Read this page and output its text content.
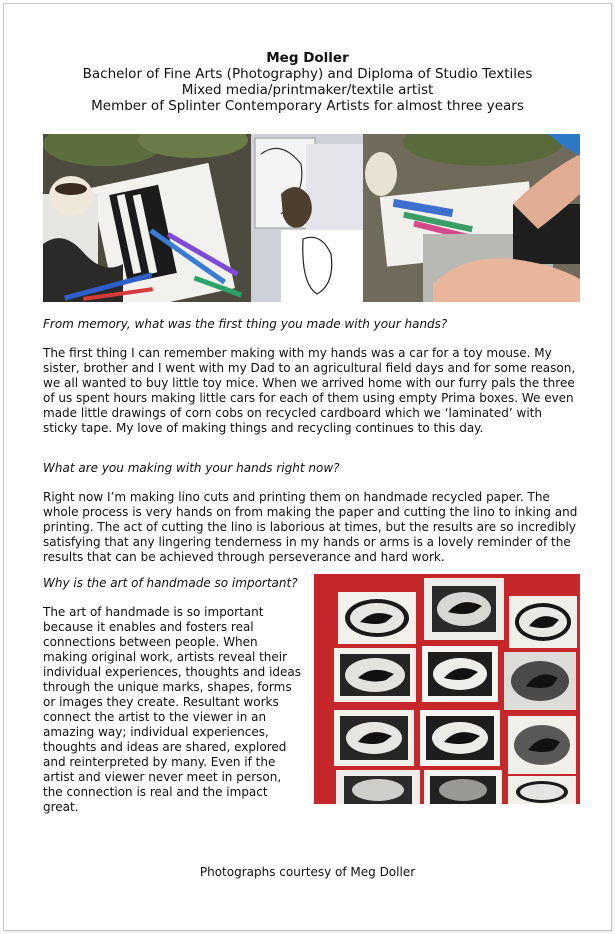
Meg Doller
Bachelor of Fine Arts (Photography) and Diploma of Studio Textiles
Mixed media/printmaker/textile artist
Member of Splinter Contemporary Artists for almost three years
From memory, what was the first thing you made with your hands?
The first thing I can remember making with my hands was a car for a toy mouse. My sister, brother and I went with my Dad to an agricultural field days and for some reason, we all wanted to buy little toy mice. When we arrived home with our furry pals the three of us spent hours making little cars for each of them using empty Prima boxes. We even made little drawings of corn cobs on recycled cardboard which we ‘laminated’ with sticky tape. My love of making things and recycling continues to this day.
What are you making with your hands right now?
Right now I’m making lino cuts and printing them on handmade recycled paper. The whole process is very hands on from making the paper and cutting the lino to inking and printing. The act of cutting the lino is laborious at times, but the results are so incredibly satisfying that any lingering tenderness in my hands or arms is a lovely reminder of the results that can be achieved through perseverance and hard work.
Why is the art of handmade so important?
The art of handmade is so important because it enables and fosters real connections between people. When making original work, artists reveal their individual experiences, thoughts and ideas through the unique marks, shapes, forms or images they create. Resultant works connect the artist to the viewer in an amazing way; individual experiences, thoughts and ideas are shared, explored and reinterpreted by many. Even if the artist and viewer never meet in person, the connection is real and the impact great.
Photographs courtesy of Meg Doller
